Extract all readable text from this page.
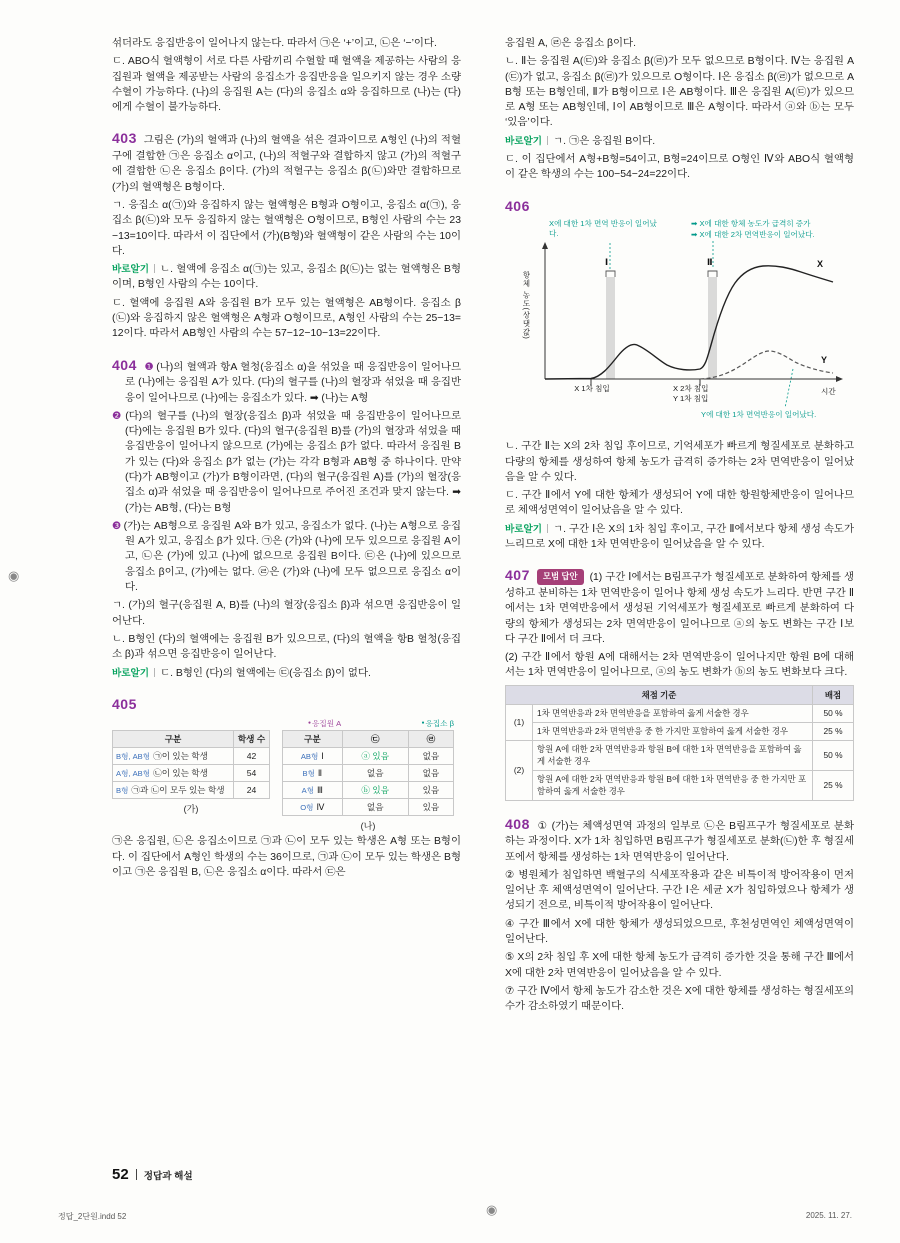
◉

섞더라도 응집반응이 일어나지 않는다. 따라서 ㉠은 ‘+’이고, ㉡은 ‘−’이다.

ㄷ. ABO식 혈액형이 서로 다른 사람끼리 수혈할 때 혈액을 제공하는 사람의 응집원과 혈액을 제공받는 사람의 응집소가 응집반응을 일으키지 않는 경우 소량 수혈이 가능하다. (나)의 응집원 A는 (다)의 응집소 α와 응집하므로 (나)는 (다)에게 수혈이 불가능하다.

403 그림은 (가)의 혈액과 (나)의 혈액을 섞은 결과이므로 A형인 (나)의 적혈구에 결합한 ㉠은 응집소 α이고, (나)의 적혈구와 결합하지 않고 (가)의 적혈구에 결합한 ㉡은 응집소 β이다. (가)의 적혈구는 응집소 β(㉡)와만 결합하므로 (가)의 혈액형은 B형이다.

ㄱ. 응집소 α(㉠)와 응집하지 않는 혈액형은 B형과 O형이고, 응집소 α(㉠), 응집소 β(㉡)와 모두 응집하지 않는 혈액형은 O형이므로, B형인 사람의 수는 23−13=10이다. 따라서 이 집단에서 (가)(B형)와 혈액형이 같은 사람의 수는 10이다.

바로알기 ㄴ. 혈액에 응집소 α(㉠)는 있고, 응집소 β(㉡)는 없는 혈액형은 B형이며, B형인 사람의 수는 10이다.

ㄷ. 혈액에 응집원 A와 응집원 B가 모두 있는 혈액형은 AB형이다. 응집소 β(㉡)와 응집하지 않은 혈액형은 A형과 O형이므로, A형인 사람의 수는 25−13=12이다. 따라서 AB형인 사람의 수는 57−12−10−13=22이다.

404 ❶ (나)의 혈액과 항A 혈청(응집소 α)을 섞었을 때 응집반응이 일어나므로 (나)에는 응집원 A가 있다. (다)의 혈구를 (나)의 혈장과 섞었을 때 응집반응이 일어나므로 (나)에는 응집소가 있다. ➡ (나)는 A형

❷ (다)의 혈구를 (나)의 혈장(응집소 β)과 섞었을 때 응집반응이 일어나므로 (다)에는 응집원 B가 있다. (다)의 혈구(응집원 B)를 (가)의 혈장과 섞었을 때 응집반응이 일어나지 않으므로 (가)에는 응집소 β가 없다. 따라서 응집원 B가 있는 (다)와 응집소 β가 없는 (가)는 각각 B형과 AB형 중 하나이다. 만약 (다)가 AB형이고 (가)가 B형이라면, (다)의 혈구(응집원 A)를 (가)의 혈장(응집소 α)과 섞었을 때 응집반응이 일어나므로 주어진 조건과 맞지 않는다. ➡ (가)는 AB형, (다)는 B형

❸ (가)는 AB형으로 응집원 A와 B가 있고, 응집소가 없다. (나)는 A형으로 응집원 A가 있고, 응집소 β가 있다. ㉠은 (가)와 (나)에 모두 있으므로 응집원 A이고, ㉡은 (가)에 있고 (나)에 없으므로 응집원 B이다. ㉢은 (나)에 있으므로 응집소 β이고, (가)에는 없다. ㉣은 (가)와 (나)에 모두 없으므로 응집소 α이다.

ㄱ. (가)의 혈구(응집원 A, B)를 (나)의 혈장(응집소 β)과 섞으면 응집반응이 일어난다.

ㄴ. B형인 (다)의 혈액에는 응집원 B가 있으므로, (다)의 혈액을 항B 혈청(응집소 β)과 섞으면 응집반응이 일어난다.

바로알기 ㄷ. B형인 (다)의 혈액에는 ㉢(응집소 β)이 없다.

405

구분	학생 수
B형, AB형 ㉠이 있는 학생	42
A형, AB형 ㉡이 있는 학생	54
B형 ㉠과 ㉡이 모두 있는 학생	24
(가)
● 응집원 A	● 응집소 β
구분	㉢	㉣
AB형 Ⅰ	ⓐ 있음	없음
B형 Ⅱ	없음	없음
A형 Ⅲ	ⓑ 있음	있음
O형 Ⅳ	없음	있음
(나)

㉠은 응집원, ㉡은 응집소이므로 ㉠과 ㉡이 모두 있는 학생은 A형 또는 B형이다. 이 집단에서 A형인 학생의 수는 36이므로, ㉠과 ㉡이 모두 있는 학생은 B형이고 ㉠은 응집원 B, ㉡은 응집소 α이다. 따라서 ㉢은

응집원 A, ㉣은 응집소 β이다.

ㄴ. Ⅱ는 응집원 A(㉢)와 응집소 β(㉣)가 모두 없으므로 B형이다. Ⅳ는 응집원 A(㉢)가 없고, 응집소 β(㉣)가 있으므로 O형이다. Ⅰ은 응집소 β(㉣)가 없으므로 AB형 또는 B형인데, Ⅱ가 B형이므로 Ⅰ은 AB형이다. Ⅲ은 응집원 A(㉢)가 있으므로 A형 또는 AB형인데, Ⅰ이 AB형이므로 Ⅲ은 A형이다. 따라서 ⓐ와 ⓑ는 모두 ‘있음’이다.

바로알기 ㄱ. ㉠은 응집원 B이다.

ㄷ. 이 집단에서 A형+B형=54이고, B형=24이므로 O형인 Ⅳ와 ABO식 혈액형이 같은 학생의 수는 100−54−24=22이다.

406

항체 농도(상댓값)
X에 대한 1차 면역 반응이 일어났다.
➡ X에 대한 항체 농도가 급격히 증가
➡ X에 대한 2차 면역반응이 일어났다.
Ⅰ	Ⅱ	X
Y
X 1차 침입	X 2차 침입
Y 1차 침입
시간
Y에 대한 1차 면역반응이 일어났다.

ㄴ. 구간 Ⅱ는 X의 2차 침입 후이므로, 기억세포가 빠르게 형질세포로 분화하고 다량의 항체를 생성하여 항체 농도가 급격히 증가하는 2차 면역반응이 일어났음을 알 수 있다.

ㄷ. 구간 Ⅱ에서 Y에 대한 항체가 생성되어 Y에 대한 항원항체반응이 일어나므로 체액성면역이 일어났음을 알 수 있다.

바로알기 ㄱ. 구간 Ⅰ은 X의 1차 침입 후이고, 구간 Ⅱ에서보다 항체 생성 속도가 느리므로 X에 대한 1차 면역반응이 일어났음을 알 수 있다.

407 모범 답안 (1) 구간 Ⅰ에서는 B림프구가 형질세포로 분화하여 항체를 생성하고 분비하는 1차 면역반응이 일어나 항체 생성 속도가 느리다. 반면 구간 Ⅱ에서는 1차 면역반응에서 생성된 기억세포가 형질세포로 빠르게 분화하여 다량의 항체가 생성되는 2차 면역반응이 일어나므로 ⓐ의 농도 변화는 구간 Ⅰ보다 구간 Ⅱ에서 더 크다.

(2) 구간 Ⅱ에서 항원 A에 대해서는 2차 면역반응이 일어나지만 항원 B에 대해서는 1차 면역반응이 일어나므로, ⓐ의 농도 변화가 ⓑ의 농도 변화보다 크다.

채점 기준		배점
(1)	1차 면역반응과 2차 면역반응을 포함하여 옳게 서술한 경우	50 %
	1차 면역반응과 2차 면역반응 중 한 가지만 포함하여 옳게 서술한 경우	25 %
(2)	항원 A에 대한 2차 면역반응과 항원 B에 대한 1차 면역반응을 포함하여 옳게 서술한 경우	50 %
	항원 A에 대한 2차 면역반응과 항원 B에 대한 1차 면역반응 중 한 가지만 포함하여 옳게 서술한 경우	25 %

408 ① (가)는 체액성면역 과정의 일부로 ㉡은 B림프구가 형질세포로 분화하는 과정이다. X가 1차 침입하면 B림프구가 형질세포로 분화(㉡)한 후 형질세포에서 항체를 생성하는 1차 면역반응이 일어난다.

② 병원체가 침입하면 백혈구의 식세포작용과 같은 비특이적 방어작용이 먼저 일어난 후 체액성면역이 일어난다. 구간 Ⅰ은 세균 X가 침입하였으나 항체가 생성되기 전으로, 비특이적 방어작용이 일어난다.

④ 구간 Ⅲ에서 X에 대한 항체가 생성되었으므로, 후천성면역인 체액성면역이 일어난다.

⑤ X의 2차 침입 후 X에 대한 항체 농도가 급격히 증가한 것을 통해 구간 Ⅲ에서 X에 대한 2차 면역반응이 일어났음을 알 수 있다.

⑦ 구간 Ⅳ에서 항체 농도가 감소한 것은 X에 대한 항체를 생성하는 형질세포의 수가 감소하였기 때문이다.

52 정답과 해설
◉
정답_2단원.indd 52	2025. 11. 27.
